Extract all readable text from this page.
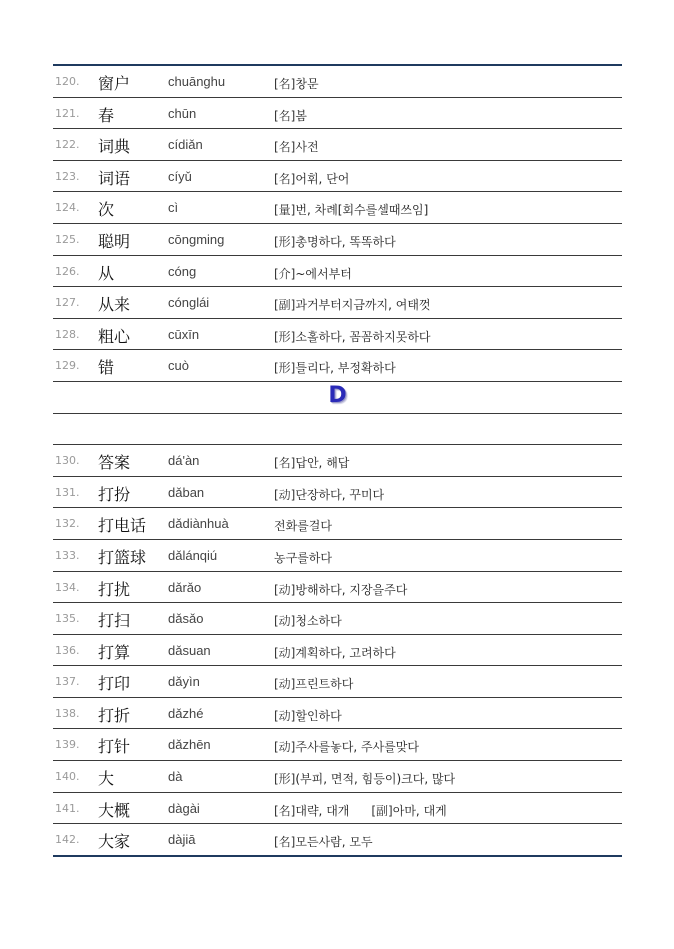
120. 窗户	chuānghu	[名]창문
121. 春	chūn	[名]봄
122. 词典	cídiǎn	[名]사전
123. 词语	cíyǔ	[名]어휘, 단어
124. 次	cì	[量]번, 차례[회수를셀때쓰임]
125. 聪明	cōngming	[形]총명하다, 똑똑하다
126. 从	cóng	[介]~에서부터
127. 从来	cónglái	[副]과거부터지금까지, 여태껏
128. 粗心	cūxīn	[形]소홀하다, 꼼꼼하지못하다
129. 错	cuò	[形]틀리다, 부정확하다
D
130. 答案	dá'àn	[名]답안, 해답
131. 打扮	dǎban	[动]단장하다, 꾸미다
132. 打电话 dǎdiànhuà	전화를걸다
133. 打篮球 dǎlánqiú	농구를하다
134. 打扰	dǎrǎo	[动]방해하다, 지장을주다
135. 打扫	dǎsǎo	[动]청소하다
136. 打算	dǎsuan	[动]계획하다, 고려하다
137. 打印	dǎyìn	[动]프린트하다
138. 打折	dǎzhé	[动]할인하다
139. 打针	dǎzhēn	[动]주사를놓다, 주사를맞다
140. 大	dà	[形](부피, 면적, 힘등이)크다, 많다
141. 大概	dàgài	[名]대략, 대개 [副]아마, 대게
142. 大家	dàjiā	[名]모든사람, 모두
